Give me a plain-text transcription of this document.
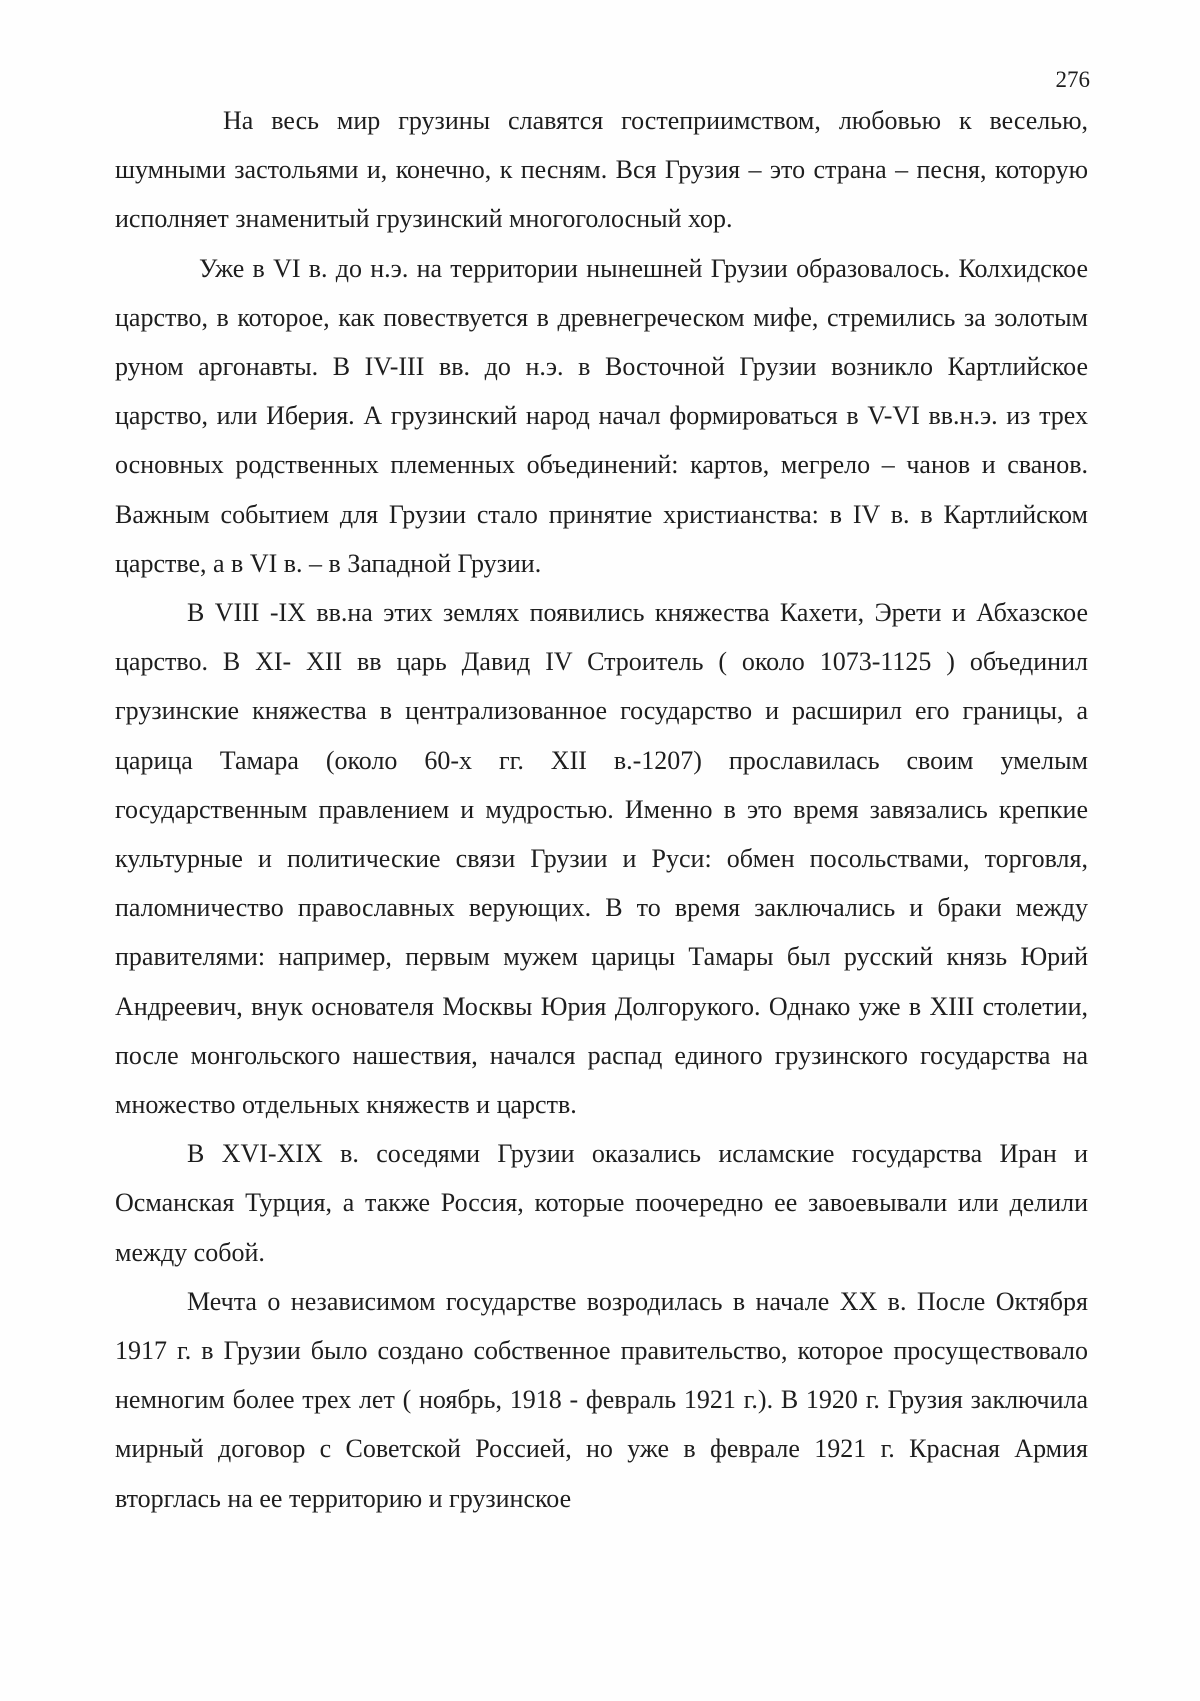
276

На весь мир грузины славятся гостеприимством, любовью к веселью, шумными застольями и, конечно, к песням. Вся Грузия – это страна – песня, которую исполняет знаменитый грузинский многоголосный хор.

Уже в VI в. до н.э. на территории нынешней Грузии образовалось. Колхидское царство, в которое, как повествуется в древнегреческом мифе, стремились за золотым руном аргонавты. В IV-III вв. до н.э. в Восточной Грузии возникло Картлийское царство, или Иберия. А грузинский народ начал формироваться в V-VI вв.н.э. из трех основных родственных племенных объединений: картов, мегрело – чанов и сванов. Важным событием для Грузии стало принятие христианства: в IV в. в Картлийском царстве, а в VI в. – в Западной Грузии.

В VIII -IX вв.на этих землях появились княжества Кахети, Эрети и Абхазское царство. В XI- XII вв царь Давид IV Строитель ( около 1073-1125 ) объединил грузинские княжества в централизованное государство и расширил его границы, а царица Тамара (около 60-х гг. XII в.-1207) прославилась своим умелым государственным правлением и мудростью. Именно в это время завязались крепкие культурные и политические связи Грузии и Руси: обмен посольствами, торговля, паломничество православных верующих. В то время заключались и браки между правителями: например, первым мужем царицы Тамары был русский князь Юрий Андреевич, внук основателя Москвы Юрия Долгорукого. Однако уже в XIII столетии, после монгольского нашествия, начался распад единого грузинского государства на множество отдельных княжеств и царств.

В XVI-XIX в. соседями Грузии оказались исламские государства Иран и Османская Турция, а также Россия, которые поочередно ее завоевывали или делили между собой.

Мечта о независимом государстве возродилась в начале XX в. После Октября 1917 г. в Грузии было создано собственное правительство, которое просуществовало немногим более трех лет ( ноябрь, 1918 - февраль 1921 г.). В 1920 г. Грузия заключила мирный договор с Советской Россией, но уже в феврале 1921 г. Красная Армия вторглась на ее территорию и грузинское
